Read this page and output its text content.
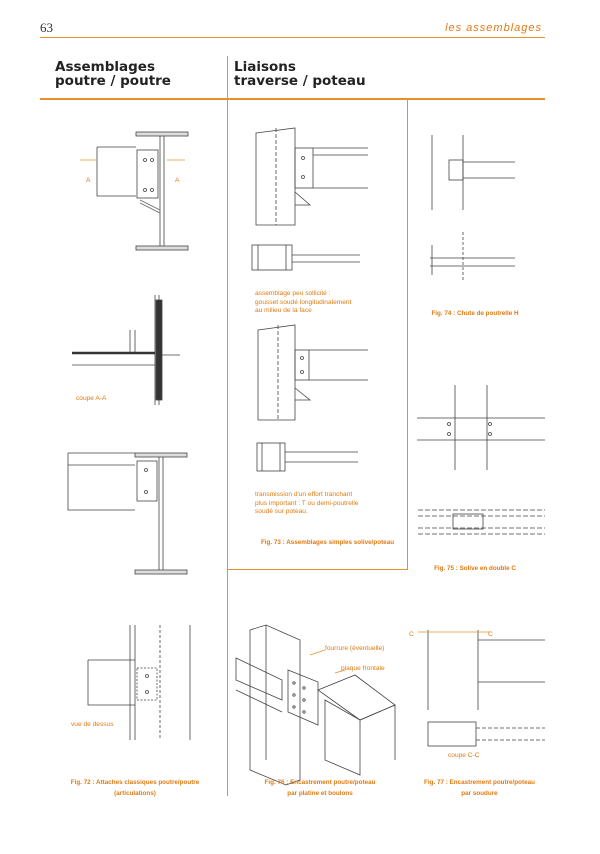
63	les assemblages
Assemblages
poutre / poutre
Liaisons
traverse / poteau
A	A
coupe A-A
vue de dessus
Fig. 72 : Attaches classiques poutre/poutre
(articulations)
assemblage peu sollicité :
gousset soudé longitudinalement
au milieu de la face
transmission d'un effort tranchant
plus important : T ou demi-poutrelle
soudé sur poteau.
Fig. 73 : Assemblages simples solive/poteau
Fig. 74 : Chute de poutrelle H
Fig. 75 : Solive en double C
fourrure (éventuelle)
plaque frontale
Fig. 76 : Encastrement poutre/poteau
par platine et boulons
C	C
coupe C-C
Fig. 77 : Encastrement poutre/poteau
par soudure
